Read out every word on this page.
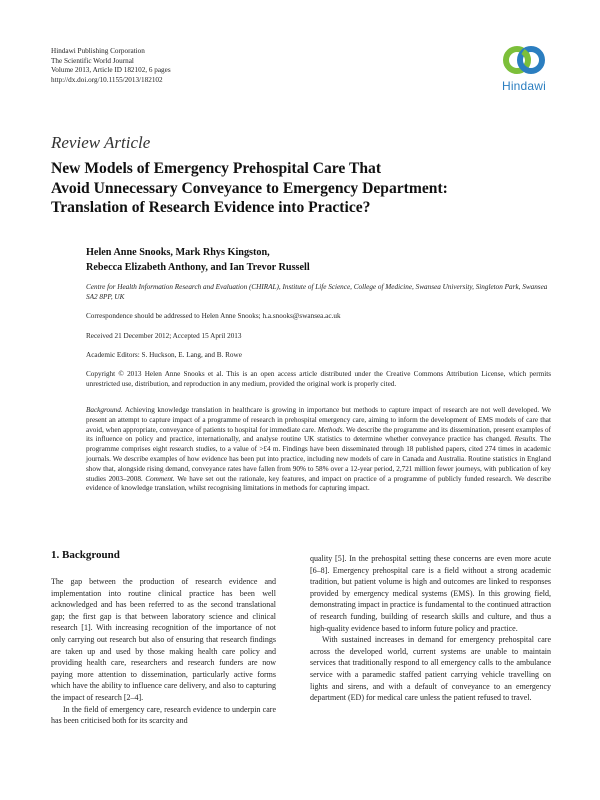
Hindawi Publishing Corporation
The Scientific World Journal
Volume 2013, Article ID 182102, 6 pages
http://dx.doi.org/10.1155/2013/182102	Hindawi
Review Article
New Models of Emergency Prehospital Care That
Avoid Unnecessary Conveyance to Emergency Department:
Translation of Research Evidence into Practice?
Helen Anne Snooks, Mark Rhys Kingston,
Rebecca Elizabeth Anthony, and Ian Trevor Russell
Centre for Health Information Research and Evaluation (CHIRAL), Institute of Life Science, College of Medicine, Swansea University, Singleton Park, Swansea SA2 8PP, UK
Correspondence should be addressed to Helen Anne Snooks; h.a.snooks@swansea.ac.uk
Received 21 December 2012; Accepted 15 April 2013
Academic Editors: S. Huckson, E. Lang, and B. Rowe
Copyright © 2013 Helen Anne Snooks et al. This is an open access article distributed under the Creative Commons Attribution License, which permits unrestricted use, distribution, and reproduction in any medium, provided the original work is properly cited.
Background. Achieving knowledge translation in healthcare is growing in importance but methods to capture impact of research are not well developed. We present an attempt to capture impact of a programme of research in prehospital emergency care, aiming to inform the development of EMS models of care that avoid, when appropriate, conveyance of patients to hospital for immediate care. Methods. We describe the programme and its dissemination, present examples of its influence on policy and practice, internationally, and analyse routine UK statistics to determine whether conveyance practice has changed. Results. The programme comprises eight research studies, to a value of >£4 m. Findings have been disseminated through 18 published papers, cited 274 times in academic journals. We describe examples of how evidence has been put into practice, including new models of care in Canada and Australia. Routine statistics in England show that, alongside rising demand, conveyance rates have fallen from 90% to 58% over a 12-year period, 2,721 million fewer journeys, with publication of key studies 2003–2008. Comment. We have set out the rationale, key features, and impact on practice of a programme of publicly funded research. We describe evidence of knowledge translation, whilst recognising limitations in methods for capturing impact.
1. Background

The gap between the production of research evidence and implementation into routine clinical practice has been well acknowledged and has been referred to as the second translational gap; the first gap is that between laboratory science and clinical research [1]. With increasing recognition of the importance of not only carrying out research but also of ensuring that research findings are taken up and used by those making health care policy and providing health care, researchers and research funders are now paying more attention to dissemination, particularly active forms which have the ability to influence care delivery, and also to capturing the impact of research [2–4].

In the field of emergency care, research evidence to underpin care has been criticised both for its scarcity and

quality [5]. In the prehospital setting these concerns are even more acute [6–8]. Emergency prehospital care is a field without a strong academic tradition, but patient volume is high and outcomes are linked to responses provided by emergency medical systems (EMS). In this growing field, demonstrating impact in practice is fundamental to the continued attraction of research funding, building of research skills and culture, and thus a high-quality evidence based to inform future policy and practice.

With sustained increases in demand for emergency prehospital care across the developed world, current systems are unable to maintain services that traditionally respond to all emergency calls to the ambulance service with a paramedic staffed patient carrying vehicle travelling on lights and sirens, and with a default of conveyance to an emergency department (ED) for medical care unless the patient refused to travel.
